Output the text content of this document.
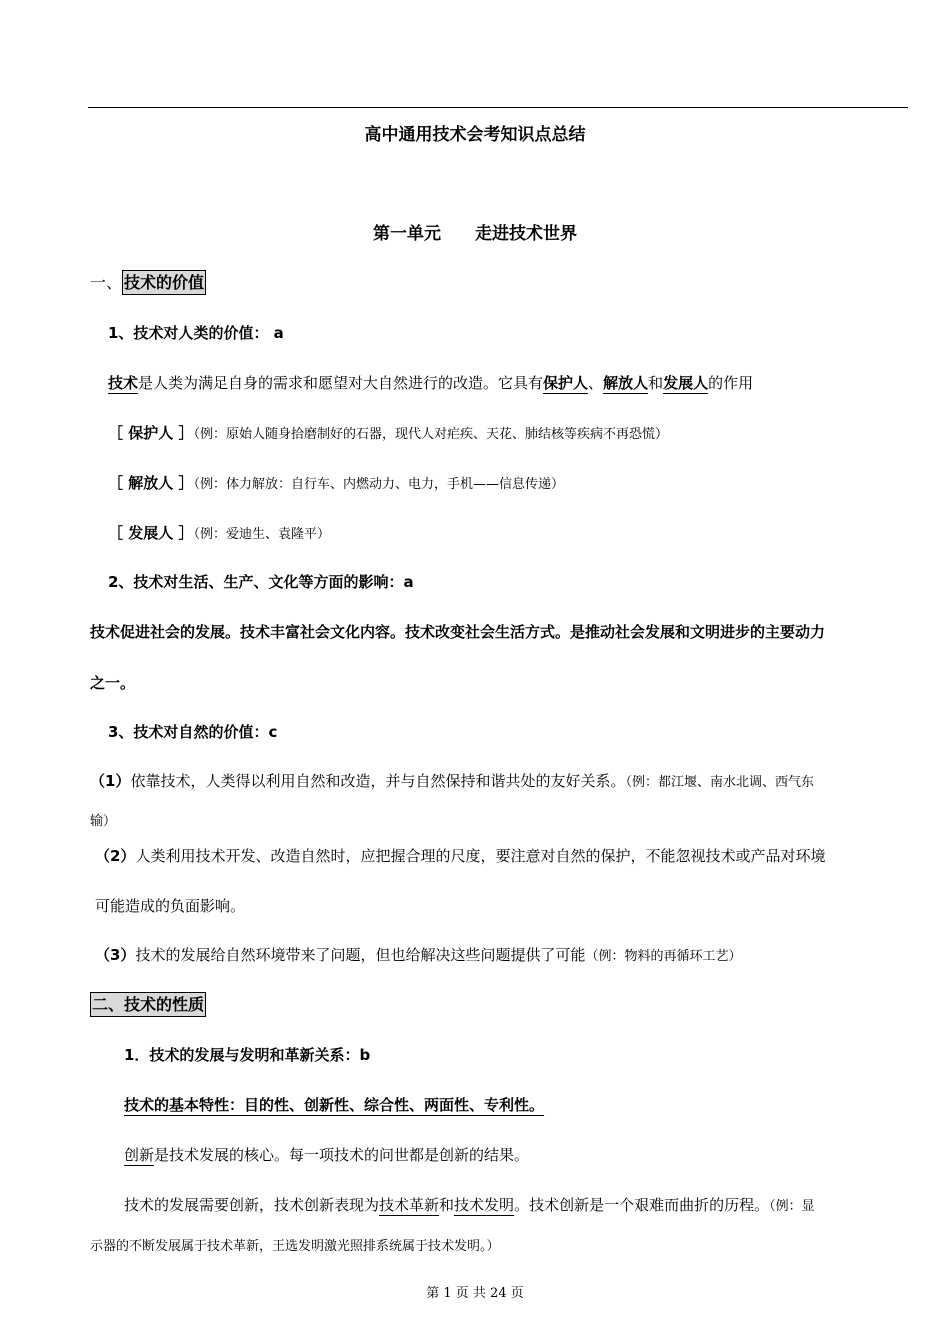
高中通用技术会考知识点总结
第一单元　　走进技术世界
一、 技术的价值
1、技术对人类的价值： a
技术是人类为满足自身的需求和愿望对大自然进行的改造。它具有保护人、解放人和发展人的作用
［ 保护人 ］（例：原始人随身拾磨制好的石器，现代人对疟疾、天花、肺结核等疾病不再恐慌）
［ 解放人 ］（例：体力解放：自行车、内燃动力、电力，手机——信息传递）
［ 发展人 ］（例：爱迪生、袁隆平）
2、技术对生活、生产、文化等方面的影响：a
技术促进社会的发展。技术丰富社会文化内容。技术改变社会生活方式。是推动社会发展和文明进步的主要动力
之一。
3、技术对自然的价值：c
（1）依靠技术，人类得以利用自然和改造，并与自然保持和谐共处的友好关系。（例：都江堰、南水北调、西气东
输）
（2）人类利用技术开发、改造自然时，应把握合理的尺度，要注意对自然的保护，不能忽视技术或产品对环境
可能造成的负面影响。
（3）技术的发展给自然环境带来了问题，但也给解决这些问题提供了可能（例：物料的再循环工艺）
二、技术的性质
1．技术的发展与发明和革新关系：b
技术的基本特性：目的性、创新性、综合性、两面性、专利性。
创新是技术发展的核心。每一项技术的问世都是创新的结果。
技术的发展需要创新，技术创新表现为技术革新和技术发明。技术创新是一个艰难而曲折的历程。（例：显
示器的不断发展属于技术革新，王选发明激光照排系统属于技术发明。）
第 1 页 共 24 页
